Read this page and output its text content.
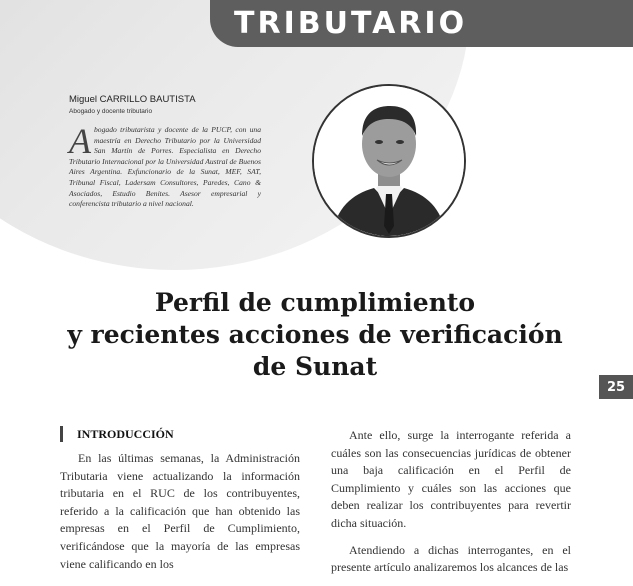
TRIBUTARIO
Miguel CARRILLO BAUTISTA
Abogado y docente tributario

Abogado tributarista y docente de la PUCP, con una maestría en Derecho Tributario por la Universidad San Martín de Porres. Especialista en Derecho Tributario Internacional por la Universidad Austral de Buenos Aires Argentina. Exfuncionario de la Sunat, MEF, SAT, Tribunal Fiscal, Ladersam Consultores, Paredes, Cano & Asociados, Estudio Benites. Asesor empresarial y conferencista tributario a nivel nacional.

Perfil de cumplimiento
y recientes acciones de verificación
de Sunat
25
INTRODUCCIÓN

En las últimas semanas, la Administración Tributaria viene actualizando la información tributaria en el RUC de los contribuyentes, referido a la calificación que han obtenido las empresas en el Perfil de Cumplimiento, verificándose que la mayoría de las empresas viene calificando en los

Ante ello, surge la interrogante referida a cuáles son las consecuencias jurídicas de obtener una baja calificación en el Perfil de Cumplimiento y cuáles son las acciones que deben realizar los contribuyentes para revertir dicha situación.

Atendiendo a dichas interrogantes, en el presente artículo analizaremos los alcances de las
